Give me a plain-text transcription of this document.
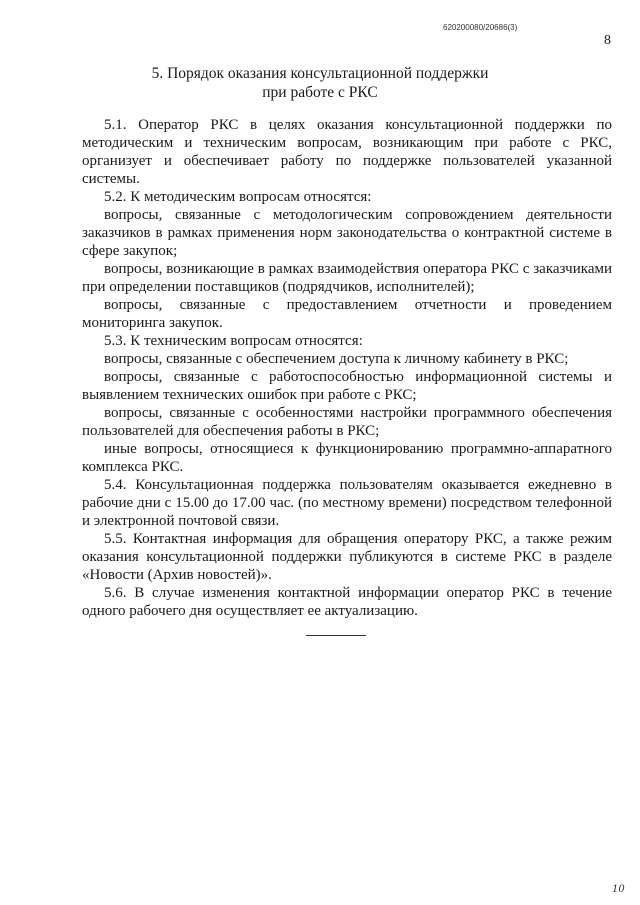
620200080/20686(3)
8
5. Порядок оказания консультационной поддержки
при работе с РКС

5.1. Оператор РКС в целях оказания консультационной поддержки по методическим и техническим вопросам, возникающим при работе с РКС, организует и обеспечивает работу по поддержке пользователей указанной системы.

5.2. К методическим вопросам относятся:

вопросы, связанные с методологическим сопровождением деятельности заказчиков в рамках применения норм законодательства о контрактной системе в сфере закупок;

вопросы, возникающие в рамках взаимодействия оператора РКС с заказчиками при определении поставщиков (подрядчиков, исполнителей);

вопросы, связанные с предоставлением отчетности и проведением мониторинга закупок.

5.3. К техническим вопросам относятся:

вопросы, связанные с обеспечением доступа к личному кабинету в РКС;

вопросы, связанные с работоспособностью информационной системы и выявлением технических ошибок при работе с РКС;

вопросы, связанные с особенностями настройки программного обеспечения пользователей для обеспечения работы в РКС;

иные вопросы, относящиеся к функционированию программно-аппаратного комплекса РКС.

5.4. Консультационная поддержка пользователям оказывается ежедневно в рабочие дни с 15.00 до 17.00 час. (по местному времени) посредством телефонной и электронной почтовой связи.

5.5. Контактная информация для обращения оператору РКС, а также режим оказания консультационной поддержки публикуются в системе РКС в разделе «Новости (Архив новостей)».

5.6. В случае изменения контактной информации оператор РКС в течение одного рабочего дня осуществляет ее актуализацию.

10
